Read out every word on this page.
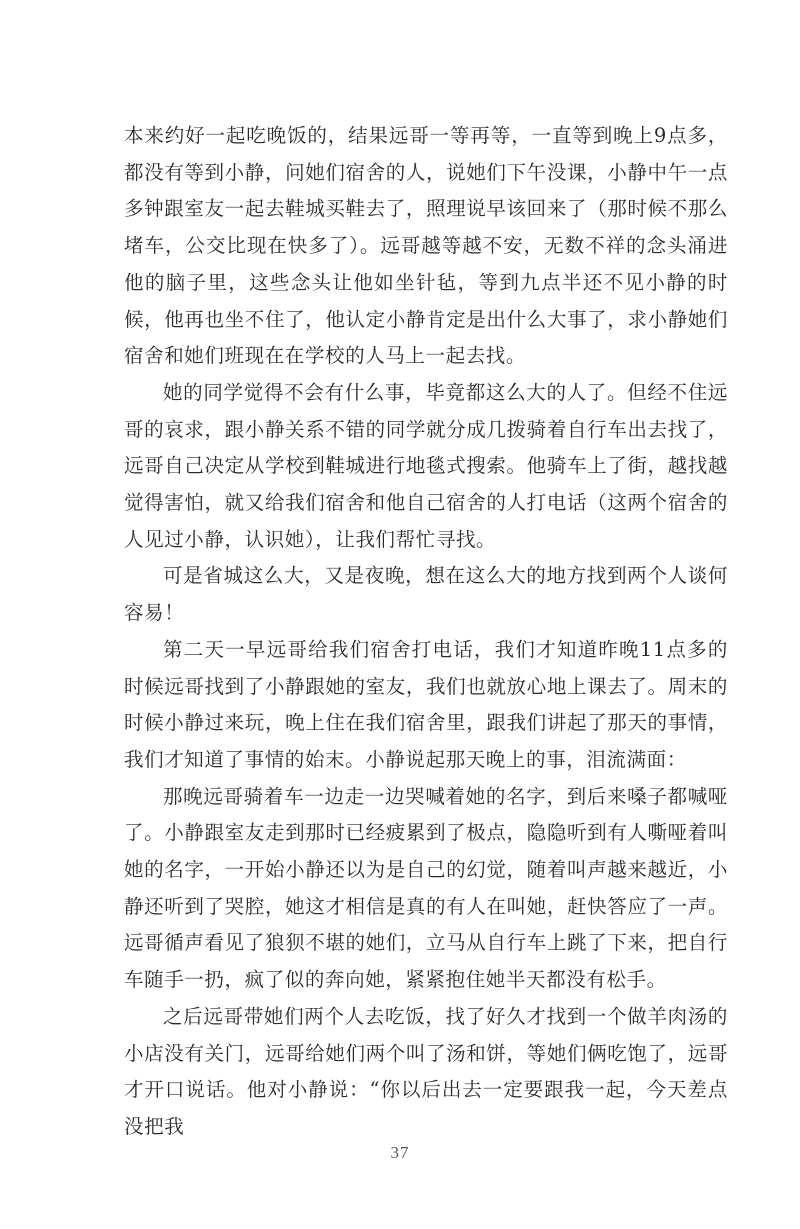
本来约好一起吃晚饭的，结果远哥一等再等，一直等到晚上9点多，都没有等到小静，问她们宿舍的人，说她们下午没课，小静中午一点多钟跟室友一起去鞋城买鞋去了，照理说早该回来了（那时候不那么堵车，公交比现在快多了）。远哥越等越不安，无数不祥的念头涌进他的脑子里，这些念头让他如坐针毡，等到九点半还不见小静的时候，他再也坐不住了，他认定小静肯定是出什么大事了，求小静她们宿舍和她们班现在在学校的人马上一起去找。

她的同学觉得不会有什么事，毕竟都这么大的人了。但经不住远哥的哀求，跟小静关系不错的同学就分成几拨骑着自行车出去找了，远哥自己决定从学校到鞋城进行地毯式搜索。他骑车上了街，越找越觉得害怕，就又给我们宿舍和他自己宿舍的人打电话（这两个宿舍的人见过小静，认识她），让我们帮忙寻找。

可是省城这么大，又是夜晚，想在这么大的地方找到两个人谈何容易！

第二天一早远哥给我们宿舍打电话，我们才知道昨晚11点多的时候远哥找到了小静跟她的室友，我们也就放心地上课去了。周末的时候小静过来玩，晚上住在我们宿舍里，跟我们讲起了那天的事情，我们才知道了事情的始末。小静说起那天晚上的事，泪流满面：

那晚远哥骑着车一边走一边哭喊着她的名字，到后来嗓子都喊哑了。小静跟室友走到那时已经疲累到了极点，隐隐听到有人嘶哑着叫她的名字，一开始小静还以为是自己的幻觉，随着叫声越来越近，小静还听到了哭腔，她这才相信是真的有人在叫她，赶快答应了一声。远哥循声看见了狼狈不堪的她们，立马从自行车上跳了下来，把自行车随手一扔，疯了似的奔向她，紧紧抱住她半天都没有松手。

之后远哥带她们两个人去吃饭，找了好久才找到一个做羊肉汤的小店没有关门，远哥给她们两个叫了汤和饼，等她们俩吃饱了，远哥才开口说话。他对小静说：“你以后出去一定要跟我一起，今天差点没把我

37
